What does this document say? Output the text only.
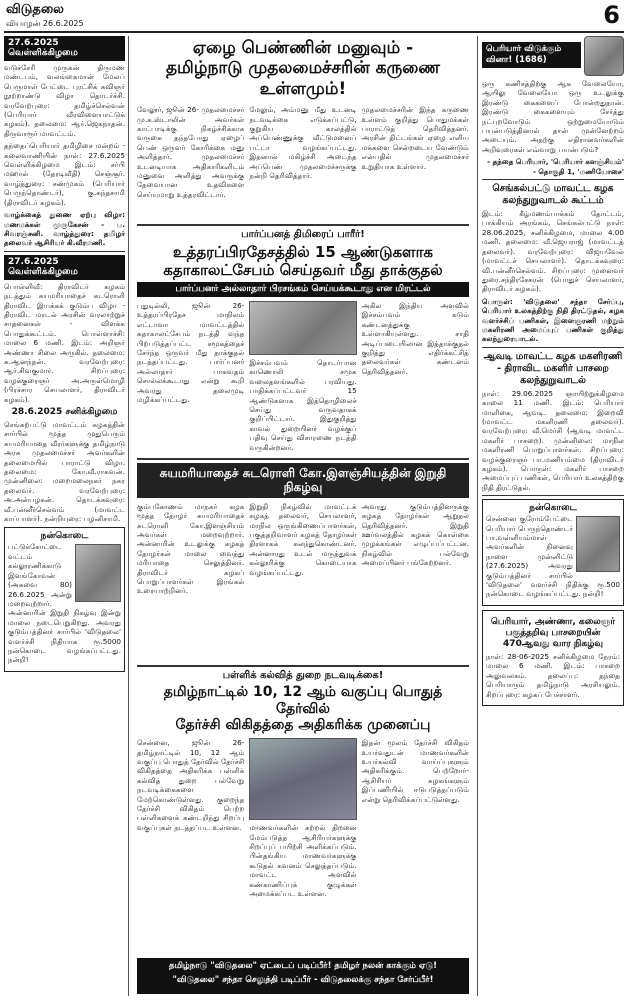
விடுதலை
வியாழன் 26.6.2025	6
27.6.2025 வெள்ளிக்கிழமை

வடுச்சேரி முருகன் திருமண மண்டபம், வலங்கைமான் மேலப் பெருமாள் பேட்டை புரட்சிக் கவிஞர் நூற்றாண்டு விழா தொடர்ச்சி. வரவேற்புரை: தமிழ்ச்செல்வன் (பெரியார் வீரவிளையாட்டுக் கழகம்). தலைமை: ஆர்.ஜெகநாதன். திருவாரூர் மாவட்டம்.

தந்தைப்பெரியார் தமிழிசை மன்றம் - கலைவாணியின் நாள்: 27.6.2025 வெள்ளிக்கிழமை இடம்: சர்பி மஹால் (தேரடிவீதி) செஞ்சூர். வாழ்த்துரை: சண்முகம் (பெரியார் பெருந்தொண்டர்), கு.கந்தசாமி (திராவிடர் கழகம்).

வாழ்க்கைத் துணை ஏற்பு விழா: மணமக்கள் முருகேசன் - ப. சிவரஞ்சனி. வாழ்த்துரை: தமிழர் தலைவர் ஆசிரியர் கி.வீரமணி.

27.6.2025 வெள்ளிக்கிழமை

பொள்ளிவீ: திராவிடர் கழகம் நடத்தும் சுயமரியாதைச் சுடரொளி திராவிட இயக்கக் குடும்ப விழா - திராவிட மாடல் அரசின் வரலாற்றுச் சாதனைகள் - விளக்க பொதுக்கூட்டம். பொள்ளாச்சி: மாலை 6 மணி. இடம்: அறிஞர் அண்ணா சிலை அருகில். தலைமை: சு.ஆனந்தன். வரவேற்புரை: ஆர்.சிவகுமார். சிறப்புரை: வழக்குரைஞர் அ.அருள்மொழி (பிரச்சார செயலாளர், திராவிடர் கழகம்).

28.6.2025 சனிக்கிழமை

செங்கற்பட்டு மாவட்டம் கழகத்தின் சார்பில் மூத்த முதுபெரும் சுயமரியாதை வீரர்களுக்கு தமிழ்நாடு அரசு முதலமைச்சர் அவர்களின் தலைமையில் பாராட்டு விழா. தலைமை: கோ.வீ.ராகவன். முன்னிலை: மறைமலைநகர் நகர தலைவர். வரவேற்புரை: அ.அன்பழகன். தொடக்கவுரை: வீ.பன்னீர்செல்வம் (மாவட்ட காப்பாளர்). நன்றியுரை: பழனிசாமி.

நன்கொடை

பட்டுக்கோட்டை வட்டம் கல்லூரணிக்காடு இளங்கோவன் (அகவை 80) 26.6.2025 அன்று மறைவுற்றார். அன்னாரின் இறுதி நிகழ்வு இன்று மாலை நடைபெறுகிறது. அவரது குடும்பத்தினர் சார்பில் 'விடுதலை' வளர்ச்சி நிதியாக ரூ.5000 நன்கொடை வழங்கப்பட்டது. நன்றி!

ஏழை பெண்ணின் மனுவும் -
தமிழ்நாடு முதலமைச்சரின் கருணை உள்ளமும்!

வேலூர், ஜூன் 26- முதலமைச்சர் மு.க.ஸ்டாலின் அவர்கள் காட்பாடிக்கு நிகழ்ச்சிக்காக வருகை தந்தபோது ஏழைப் பெண் ஒருவர் கோரிக்கை மனு அளித்தார். முதலமைச்சர் உடனடியாக அதிகாரிகளிடம் மனுவை அளித்து அவருக்கு தேவையான உதவிகளை செய்யுமாறு உத்தரவிட்டார்.

மேலும், அம்மனு மீது உடனடி நடவடிக்கை எடுக்கப்பட்டு, குறுகிய காலத்தில் அப்பெண்ணுக்கு வீட்டுமனைப் பட்டா வழங்கப்பட்டது. இதனால் மகிழ்ச்சி அடைந்த அப்பெண் முதலமைச்சருக்கு நன்றி தெரிவித்தார்.

முதலமைச்சரின் இந்த கருணை உள்ளம் குறித்து பொதுமக்கள் பாராட்டுத் தெரிவித்தனர். அரசின் திட்டங்கள் ஏழை எளிய மக்களை சென்றடைய வேண்டும் என்பதில் முதலமைச்சர் உறுதியாக உள்ளார்.

பார்ப்பனத் திமிரைப் பாரீர்!
உத்தரப்பிரதேசத்தில் 15 ஆண்டுகளாக
கதாகாலட்சேபம் செய்தவர் மீது தாக்குதல்
பார்ப்பனர் அல்லாதார் பிரசங்கம் செய்யக்கூடாது என மிரட்டல்

புதுடில்லி, ஜூன் 26- உத்தரப்பிரதேச மாநிலம் எட்டாவா மாவட்டத்தில் கதாகாலட்சேபம் நடத்தி வந்த பிற்படுத்தப்பட்ட சமூகத்தைச் சேர்ந்த ஒருவர் மீது தாக்குதல் நடத்தப்பட்டது. பார்ப்பனர் அல்லாதார் பாகவதம் சொல்லக்கூடாது என்று கூறி அவரது தலைமுடி மழிக்கப்பட்டது.

இச்சம்பவம் தொடர்பான காணொலி சமூக வலைதளங்களில் பரவியது. பாதிக்கப்பட்டவர் 15 ஆண்டுகளாக இத்தொழிலைச் செய்து வருவதாகக் குறிப்பிட்டார். இதுகுறித்து காவல் துறையினர் வழக்குப் பதிவு செய்து விசாரணை நடத்தி வருகின்றனர்.

அகில இந்திய அளவில் இச்சம்பவம் கடும் கண்டனத்துக்கு உள்ளாகியுள்ளது. சாதி அடிப்படையிலான இத்தாக்குதல் குறித்து எதிர்க்கட்சித் தலைவர்கள் கண்டனம் தெரிவித்தனர்.

சுயமரியாதைச் சுடரொளி கோ.இளஞ்சியத்தின் இறுதி நிகழ்வு

கும்பகோணம் மாநகர் கழக மூத்த தோழர் சுயமரியாதைச் சுடரொளி கோ.இளஞ்சியம் அவர்கள் மறைவுற்றார். அன்னாரின் உடலுக்கு கழகத் தோழர்கள் மாலை வைத்து மரியாதை செலுத்தினர். திராவிடர் கழகப் பொறுப்பாளர்கள் இரங்கல் உரையாற்றினர்.

இறுதி நிகழ்வில் மாவட்டக் கழகத் தலைவர், செயலாளர், மாநில ஒருங்கிணைப்பாளர்கள், பகுத்தறிவாளர் கழகத் தோழர்கள் திரளாகக் கலந்துகொண்டனர். அன்னாரது உடல் மருத்துவக் கல்லூரிக்கு கொடையாக வழங்கப்பட்டது.

அவரது குடும்பத்தினருக்கு கழகத் தோழர்கள் ஆறுதல் தெரிவித்தனர். இறுதி ஊர்வலத்தில் கழகக் கொள்கை முழக்கங்கள் எழுப்பப்பட்டன. நிகழ்வில் பல்வேறு அமைப்பினர் பங்கேற்றனர்.

பள்ளிக் கல்வித் துறை நடவடிக்கை!
தமிழ்நாட்டில் 10, 12 ஆம் வகுப்பு பொதுத் தேர்வில்
தேர்ச்சி விகிதத்தை அதிகரிக்க முனைப்பு

சென்னை, ஜூன் 26- தமிழ்நாட்டில் 10, 12 ஆம் வகுப்பு பொதுத் தேர்வில் தேர்ச்சி விகிதத்தை அதிகரிக்க பள்ளிக் கல்வித் துறை பல்வேறு நடவடிக்கைகளை மேற்கொண்டுள்ளது. குறைந்த தேர்ச்சி விகிதம் பெற்ற பள்ளிகளைக் கண்டறிந்து சிறப்பு வகுப்புகள் நடத்தப்பட உள்ளன.	மாணவர்களின் கற்றல் திறனை மேம்படுத்த ஆசிரியர்களுக்கு சிறப்புப் பயிற்சி அளிக்கப்படும். பின்தங்கிய மாணவர்களுக்கு கூடுதல் கவனம் செலுத்தப்படும். மாவட்ட அளவில் கண்காணிப்புக் குழுக்கள் அமைக்கப்பட உள்ளன.

இதன் மூலம் தேர்ச்சி விகிதம் உயர்வதுடன் மாணவர்களின் உயர்கல்வி வாய்ப்புகளும் அதிகரிக்கும். பெற்றோர்-ஆசிரியர் கழகங்களும் இப்பணியில் ஈடுபடுத்தப்படும் என்று தெரிவிக்கப்பட்டுள்ளது.

தமிழ்நாடு "விடுதலை" ஏட்டைப் படிப்பீர்! தமிழர் நலன் காக்கும் ஏடு!
"விடுதலை" சந்தா செலுத்தி படிப்பீர் - விடுதலைக்கு சந்தா சேர்ப்பீர்!
பெரியார் விடுக்கும் வினா! (1686)

ஒரு கணிசத்திற்கு ஆக வேலையோ, ஆயிலு வேலையோ ஒரு உடலுக்கு இரண்டு கைகளைப் போன்றதுதான். இரண்டு கைகளையும் சேர்த்து நட்புறவோடும் ஒற்றுமையோடும் பயன்படுத்தினால் தான் முன்னேற்றம் அடையும். அதற்கு எதிரானவர்களின் அறிவுரைகள் எவ்வாறு பயன்படும்?

- தந்தை பெரியார், 'பெரியார் களஞ்சியம்' - தொகுதி 1, 'மணியோசை'

செங்கல்பட்டு மாவட்ட கழக கலந்துறுவாடல் கூட்டம்

இடம்: கீழ்மணம்பாக்கம் தோட்டம், பாக்கியம் அரங்கம், செங்கல்பட்டு நாள்: 28.06.2025, சனிக்கிழமை, மாலை 4.00 மணி. தலைமை: வீ.ஜெயராஜ் (மாவட்டத் தலைவர்). வரவேற்புரை: விஜயவேல் (மாவட்டச் செயலாளர்). தொடக்கவுரை: வி.பன்னீர்செல்வம். சிறப்புரை: முனைவர் துரை.சந்திரசேகரன் (பொதுச் செயலாளர், திராவிடர் கழகம்).

பொருள்: 'விடுதலை' சந்தா சேர்ப்பு, பெரியார் உலகத்திற்கு நிதி திரட்டுதல், கழக வளர்ச்சிப் பணிகள், இளைஞரணி மற்றும் மகளிரணி அமைப்புப் பணிகள் குறித்து கலந்துரையாடல்.

ஆவடி மாவட்ட கழக மகளிரணி - திராவிட மகளிர் பாசறை கலந்துறுவாடல்

நாள்: 29.06.2025 ஞாயிற்றுக்கிழமை காலை 11 மணி. இடம்: பெரியார் மாளிகை, ஆவடி. தலைமை: இறைவி (மாவட்ட மகளிரணி தலைவர்). வரவேற்புரை: வீ.மெர்சி (ஆவடி மாவட்ட மகளிர் பாசறை). முன்னிலை: மாநில மகளிரணி பொறுப்பாளர்கள். சிறப்புரை: வழக்குரைஞர் பா.மணியம்மை (திராவிடர் கழகம்). பொருள்: மகளிர் பாசறை அமைப்புப் பணிகள், பெரியார் உலகத்திற்கு நிதி திரட்டுதல்.

நன்கொடை

சென்னை குரோம்பேட்டை பெரியார் பெருந்தொண்டர் பா.வள்ளியம்மாள் அவர்களின் நினைவு நாளை முன்னிட்டு (27.6.2025) அவரது குடும்பத்தினர் சார்பில் 'விடுதலை' வளர்ச்சி நிதிக்கு ரூ.500 நன்கொடை வழங்கப்பட்டது. நன்றி!

பெரியார், அண்ணா, கலைஞர் பகுத்தறிவு பாசறையின் 470ஆவது வார நிகழ்வு

நாள்: 28-06-2025 சனிக்கிழமை நேரம்: மாலை 6 மணி. இடம்: பாசறை அலுவலகம். தலைப்பு: தந்தை பெரியாரும் தமிழ்நாடு அரசியலும். சிறப்புரை: கழகப் பேச்சாளர்.
